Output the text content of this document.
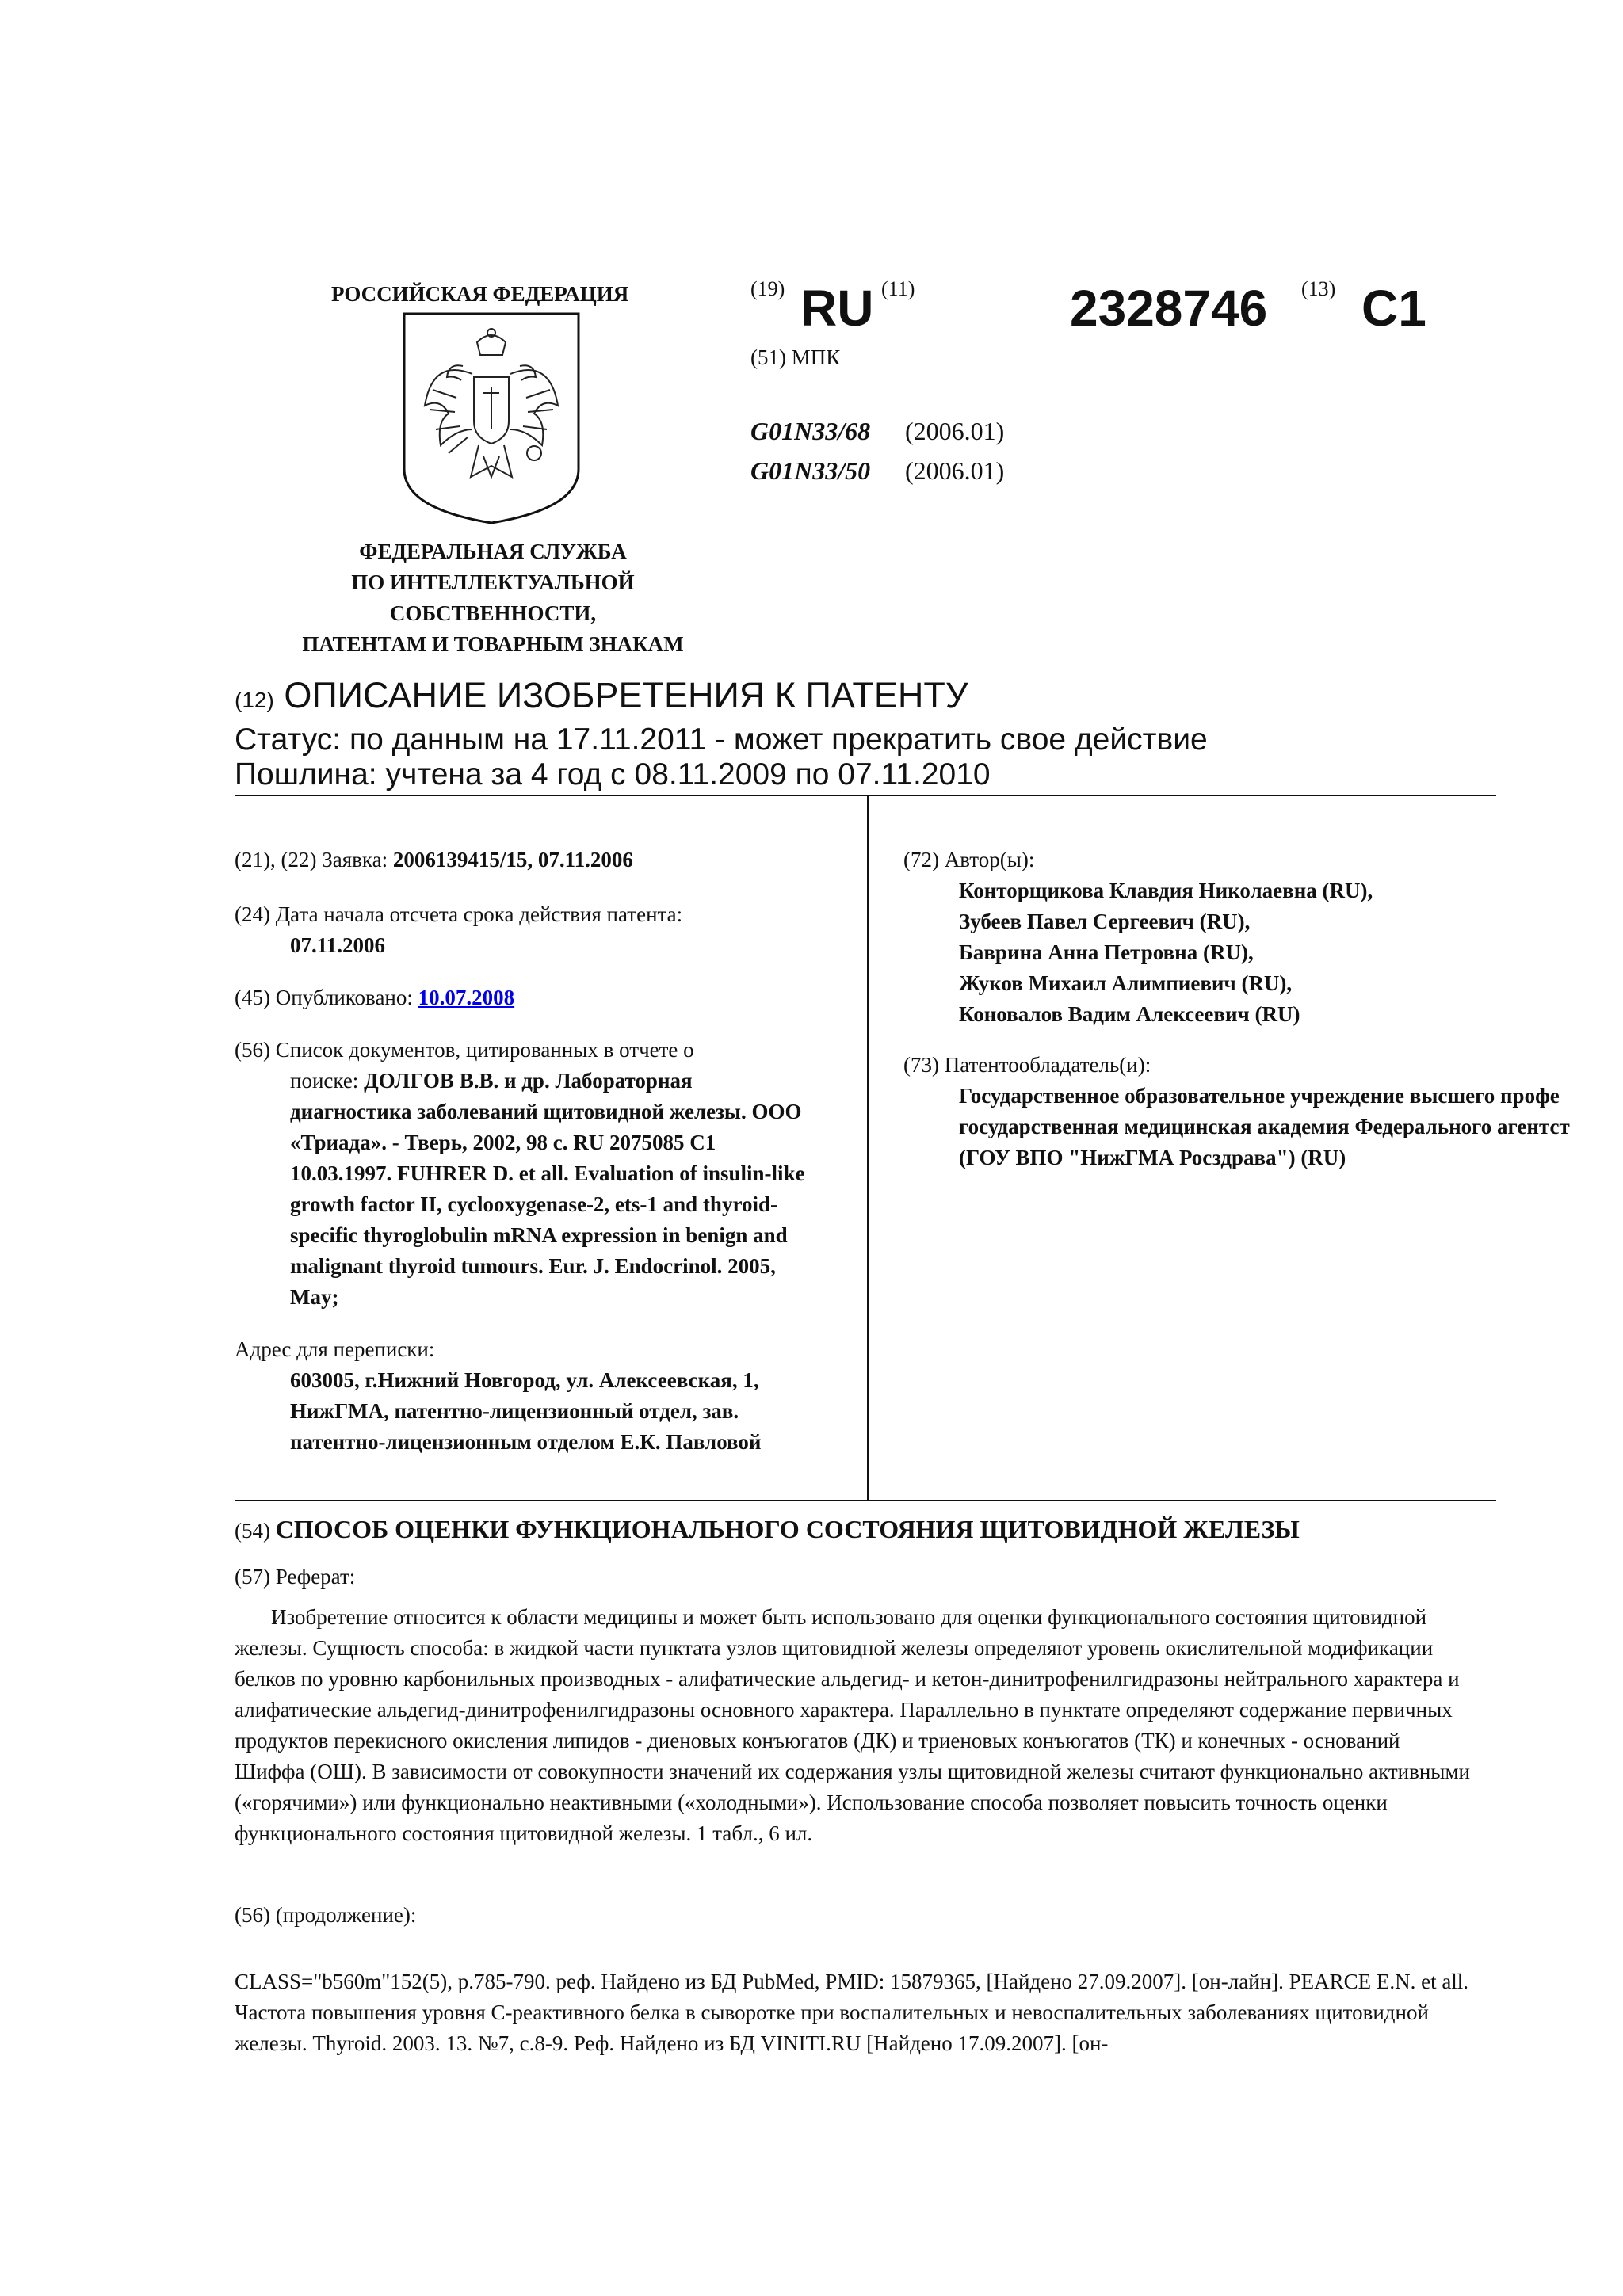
РОССИЙСКАЯ ФЕДЕРАЦИЯ
ФЕДЕРАЛЬНАЯ СЛУЖБА
ПО ИНТЕЛЛЕКТУАЛЬНОЙ
СОБСТВЕННОСТИ,
ПАТЕНТАМ И ТОВАРНЫМ ЗНАКАМ
(19) RU (11)	2328746 (13) C1
(51) МПК
G01N33/68 (2006.01)
G01N33/50 (2006.01)
(12) ОПИСАНИЕ ИЗОБРЕТЕНИЯ К ПАТЕНТУ
Статус: по данным на 17.11.2011 - может прекратить свое действие
Пошлина: учтена за 4 год с 08.11.2009 по 07.11.2010
(21), (22) Заявка: 2006139415/15, 07.11.2006
(24) Дата начала отсчета срока действия патента:
07.11.2006
(45) Опубликовано: 10.07.2008
(56) Список документов, цитированных в отчете о
поиске: ДОЛГОВ В.В. и др. Лабораторная
диагностика заболеваний щитовидной железы. ООО
«Триада». - Тверь, 2002, 98 с. RU 2075085 C1
10.03.1997. FUHRER D. et all. Evaluation of insulin-like
growth factor II, cyclooxygenase-2, ets-1 and thyroid-
specific thyroglobulin mRNA expression in benign and
malignant thyroid tumours. Eur. J. Endocrinol. 2005,
May;
Адрес для переписки:
603005, г.Нижний Новгород, ул. Алексеевская, 1,
НижГМА, патентно-лицензионный отдел, зав.
патентно-лицензионным отделом Е.К. Павловой
(72) Автор(ы):
Конторщикова Клавдия Николаевна (RU),
Зубеев Павел Сергеевич (RU),
Баврина Анна Петровна (RU),
Жуков Михаил Алимпиевич (RU),
Коновалов Вадим Алексеевич (RU)
(73) Патентообладатель(и):
Государственное образовательное учреждение высшего профе
государственная медицинская академия Федерального агентст
(ГОУ ВПО "НижГМА Росздрава") (RU)
(54) СПОСОБ ОЦЕНКИ ФУНКЦИОНАЛЬНОГО СОСТОЯНИЯ ЩИТОВИДНОЙ ЖЕЛЕЗЫ
(57) Реферат:
Изобретение относится к области медицины и может быть использовано для оценки функционального состояния щитовидной железы. Сущность способа: в жидкой части пунктата узлов щитовидной железы определяют уровень окислительной модификации белков по уровню карбонильных производных - алифатические альдегид- и кетон-динитрофенилгидразоны нейтрального характера и алифатические альдегид-динитрофенилгидразоны основного характера. Параллельно в пунктате определяют содержание первичных продуктов перекисного окисления липидов - диеновых конъюгатов (ДК) и триеновых конъюгатов (ТК) и конечных - оснований Шиффа (ОШ). В зависимости от совокупности значений их содержания узлы щитовидной железы считают функционально активными («горячими») или функционально неактивными («холодными»). Использование способа позволяет повысить точность оценки функционального состояния щитовидной железы. 1 табл., 6 ил.
(56) (продолжение):
CLASS="b560m"152(5), p.785-790. реф. Найдено из БД PubMed, PMID: 15879365, [Найдено 27.09.2007]. [он-лайн]. PEARCE E.N. et all. Частота повышения уровня С-реактивного белка в сыворотке при воспалительных и невоспалительных заболеваниях щитовидной железы. Thyroid. 2003. 13. №7, с.8-9. Реф. Найдено из БД VINITI.RU [Найдено 17.09.2007]. [он-
